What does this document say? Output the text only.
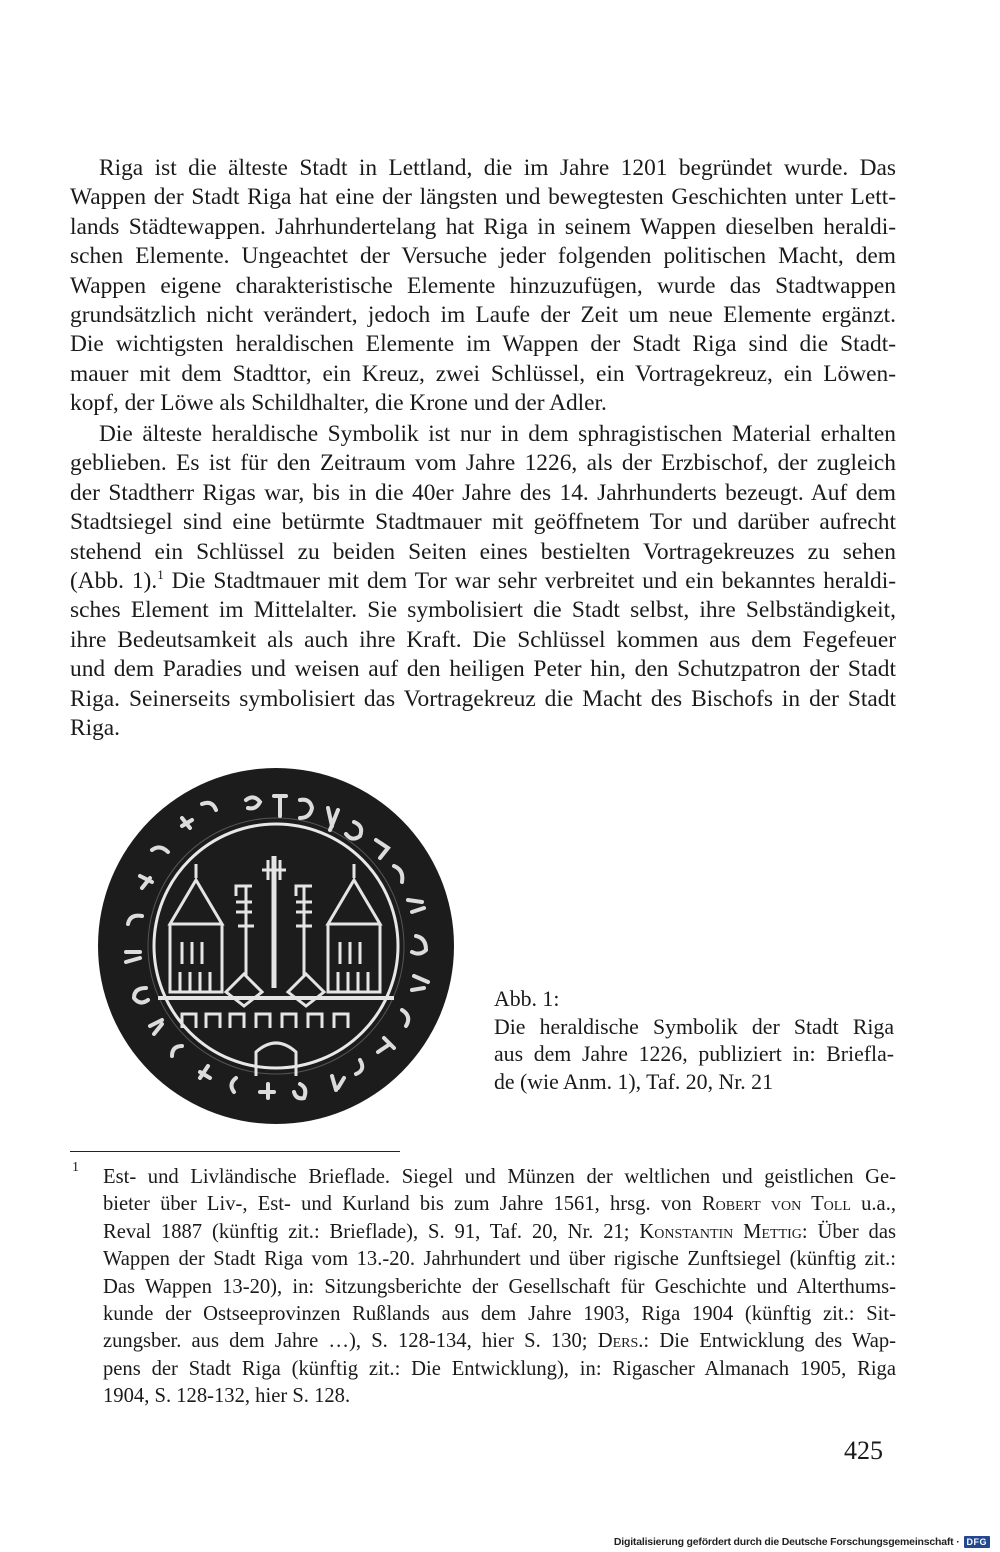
Riga ist die älteste Stadt in Lettland, die im Jahre 1201 begründet wurde. Das
Wappen der Stadt Riga hat eine der längsten und bewegtesten Geschichten unter Lett-
lands Städtewappen. Jahrhundertelang hat Riga in seinem Wappen dieselben heraldi-
schen Elemente. Ungeachtet der Versuche jeder folgenden politischen Macht, dem
Wappen eigene charakteristische Elemente hinzuzufügen, wurde das Stadtwappen
grundsätzlich nicht verändert, jedoch im Laufe der Zeit um neue Elemente ergänzt.
Die wichtigsten heraldischen Elemente im Wappen der Stadt Riga sind die Stadt-
mauer mit dem Stadttor, ein Kreuz, zwei Schlüssel, ein Vortragekreuz, ein Löwen-
kopf, der Löwe als Schildhalter, die Krone und der Adler.
Die älteste heraldische Symbolik ist nur in dem sphragistischen Material erhalten
geblieben. Es ist für den Zeitraum vom Jahre 1226, als der Erzbischof, der zugleich
der Stadtherr Rigas war, bis in die 40er Jahre des 14. Jahrhunderts bezeugt. Auf dem
Stadtsiegel sind eine betürmte Stadtmauer mit geöffnetem Tor und darüber aufrecht
stehend ein Schlüssel zu beiden Seiten eines bestielten Vortragekreuzes zu sehen
(Abb. 1).$^1$ Die Stadtmauer mit dem Tor war sehr verbreitet und ein bekanntes heraldi-
sches Element im Mittelalter. Sie symbolisiert die Stadt selbst, ihre Selbständigkeit,
ihre Bedeutsamkeit als auch ihre Kraft. Die Schlüssel kommen aus dem Fegefeuer
und dem Paradies und weisen auf den heiligen Peter hin, den Schutzpatron der Stadt
Riga. Seinerseits symbolisiert das Vortragekreuz die Macht des Bischofs in der Stadt
Riga.
Abb. 1:
Die heraldische Symbolik der Stadt Riga
aus dem Jahre 1226, publiziert in: Briefla-
de (wie Anm. 1), Taf. 20, Nr. 21
1 Est- und Livländische Brieflade. Siegel und Münzen der weltlichen und geistlichen Ge-
bieter über Liv-, Est- und Kurland bis zum Jahre 1561, hrsg. von Robert von Toll u.a.,
Reval 1887 (künftig zit.: Brieflade), S. 91, Taf. 20, Nr. 21; Konstantin Mettig: Über das
Wappen der Stadt Riga vom 13.-20. Jahrhundert und über rigische Zunftsiegel (künftig zit.:
Das Wappen 13-20), in: Sitzungsberichte der Gesellschaft für Geschichte und Alterthums-
kunde der Ostseeprovinzen Rußlands aus dem Jahre 1903, Riga 1904 (künftig zit.: Sit-
zungsber. aus dem Jahre …), S. 128-134, hier S. 130; Ders.: Die Entwicklung des Wap-
pens der Stadt Riga (künftig zit.: Die Entwicklung), in: Rigascher Almanach 1905, Riga
1904, S. 128-132, hier S. 128.
425
Digitalisierung gefördert durch die Deutsche Forschungsgemeinschaft · DFG
